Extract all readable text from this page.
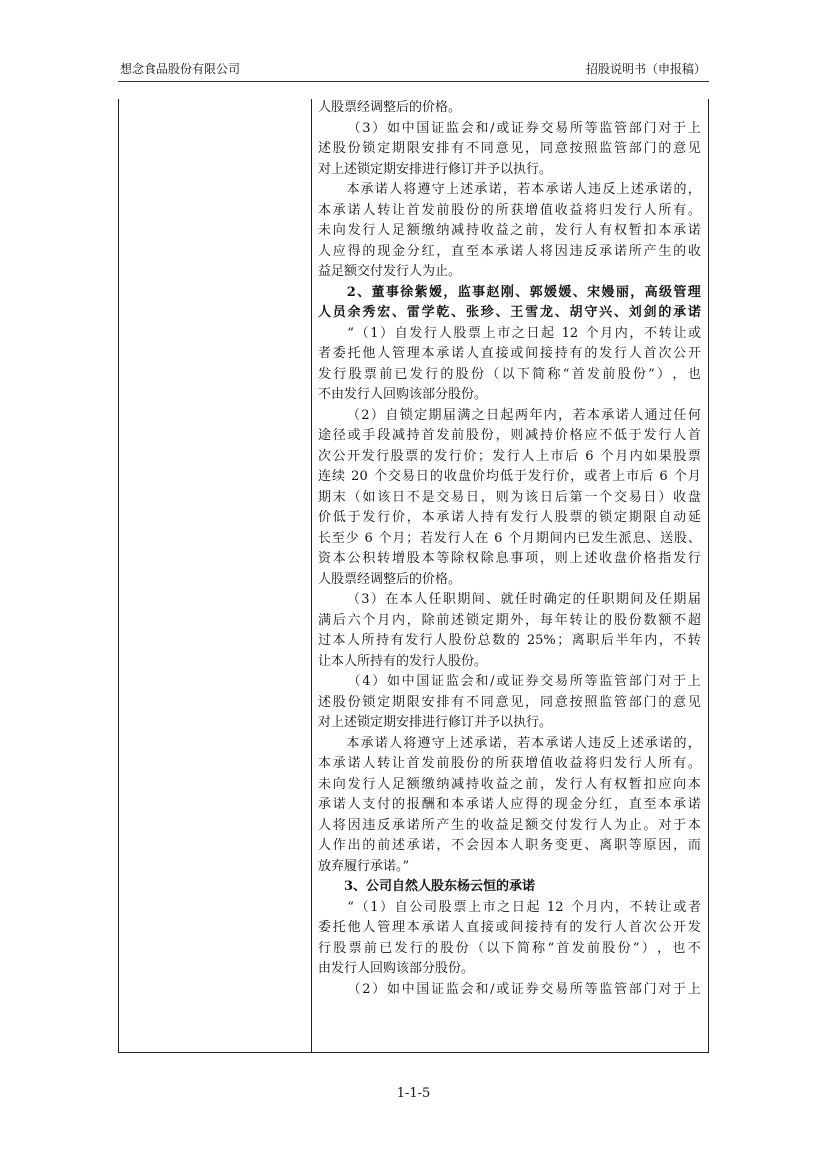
想念食品股份有限公司	招股说明书（申报稿）
人股票经调整后的价格。

（ 3 ） 如 中 国 证 监 会 和 / 或 证 券 交 易 所 等 监 管 部 门 对 于 上
述 股 份 锁 定 期 限 安 排 有 不 同 意 见 ， 同 意 按 照 监 管 部 门 的 意 见
对上述锁定期安排进行修订并予以执行。

本 承 诺 人 将 遵 守 上 述 承 诺 ， 若 本 承 诺 人 违 反 上 述 承 诺 的 ，
本 承 诺 人 转 让 首 发 前 股 份 的 所 获 增 值 收 益 将 归 发 行 人 所 有 。
未 向 发 行 人 足 额 缴 纳 减 持 收 益 之 前 ， 发 行 人 有 权 暂 扣 本 承 诺
人 应 得 的 现 金 分 红 ， 直 至 本 承 诺 人 将 因 违 反 承 诺 所 产 生 的 收
益足额交付发行人为止。

2 、 董 事 徐 紫 嫒 ， 监 事 赵 刚 、 郭 媛 媛 、 宋 嫚 丽 ， 高 级 管 理
人 员 余 秀 宏 、 雷 学 乾 、 张 珍 、 王 雪 龙 、 胡 守 兴 、 刘 剑 的 承 诺

“ （ 1 ） 自 发 行 人 股 票 上 市 之 日 起
12
个 月 内 ， 不 转 让 或
者 委 托 他 人 管 理 本 承 诺 人 直 接 或 间 接 持 有 的 发 行 人 首 次 公 开
发 行 股 票 前 已 发 行 的 股 份 （ 以 下 简 称 “ 首 发 前 股 份 ” ） ， 也
不由发行人回购该部分股份。

（ 2 ） 自 锁 定 期 届 满 之 日 起 两 年 内 ， 若 本 承 诺 人 通 过 任 何
途 径 或 手 段 减 持 首 发 前 股 份 ， 则 减 持 价 格 应 不 低 于 发 行 人 首
次 公 开 发 行 股 票 的 发 行 价 ； 发 行 人 上 市 后
6
个 月 内 如 果 股 票
连 续
20
个 交 易 日 的 收 盘 价 均 低 于 发 行 价 ， 或 者 上 市 后
6
个 月
期 末 （ 如 该 日 不 是 交 易 日 ， 则 为 该 日 后 第 一 个 交 易 日 ） 收 盘
价 低 于 发 行 价 ， 本 承 诺 人 持 有 发 行 人 股 票 的 锁 定 期 限 自 动 延
长 至 少
6
个 月 ； 若 发 行 人 在
6
个 月 期 间 内 已 发 生 派 息 、 送 股 、
资 本 公 积 转 增 股 本 等 除 权 除 息 事 项 ， 则 上 述 收 盘 价 格 指 发 行
人股票经调整后的价格。

（ 3 ） 在 本 人 任 职 期 间 、 就 任 时 确 定 的 任 职 期 间 及 任 期 届
满 后 六 个 月 内 ， 除 前 述 锁 定 期 外 ， 每 年 转 让 的 股 份 数 额 不 超
过 本 人 所 持 有 发 行 人 股 份 总 数 的
25% ； 离 职 后 半 年 内 ， 不 转
让本人所持有的发行人股份。

（ 4 ） 如 中 国 证 监 会 和 / 或 证 券 交 易 所 等 监 管 部 门 对 于 上
述 股 份 锁 定 期 限 安 排 有 不 同 意 见 ， 同 意 按 照 监 管 部 门 的 意 见
对上述锁定期安排进行修订并予以执行。

本 承 诺 人 将 遵 守 上 述 承 诺 ， 若 本 承 诺 人 违 反 上 述 承 诺 的 ，
本 承 诺 人 转 让 首 发 前 股 份 的 所 获 增 值 收 益 将 归 发 行 人 所 有 。
未 向 发 行 人 足 额 缴 纳 减 持 收 益 之 前 ， 发 行 人 有 权 暂 扣 应 向 本
承 诺 人 支 付 的 报 酬 和 本 承 诺 人 应 得 的 现 金 分 红 ， 直 至 本 承 诺
人 将 因 违 反 承 诺 所 产 生 的 收 益 足 额 交 付 发 行 人 为 止 。 对 于 本
人 作 出 的 前 述 承 诺 ， 不 会 因 本 人 职 务 变 更 、 离 职 等 原 因 ， 而
放弃履行承诺。”
　　3、公司自然人股东杨云恒的承诺

“ （ 1 ） 自 公 司 股 票 上 市 之 日 起
12
个 月 内 ， 不 转 让 或 者
委 托 他 人 管 理 本 承 诺 人 直 接 或 间 接 持 有 的 发 行 人 首 次 公 开 发
行 股 票 前 已 发 行 的 股 份 （ 以 下 简 称 “ 首 发 前 股 份 ” ） ， 也 不
由发行人回购该部分股份。

（ 2 ） 如 中 国 证 监 会 和 / 或 证 券 交 易 所 等 监 管 部 门 对 于 上
1-1-5
